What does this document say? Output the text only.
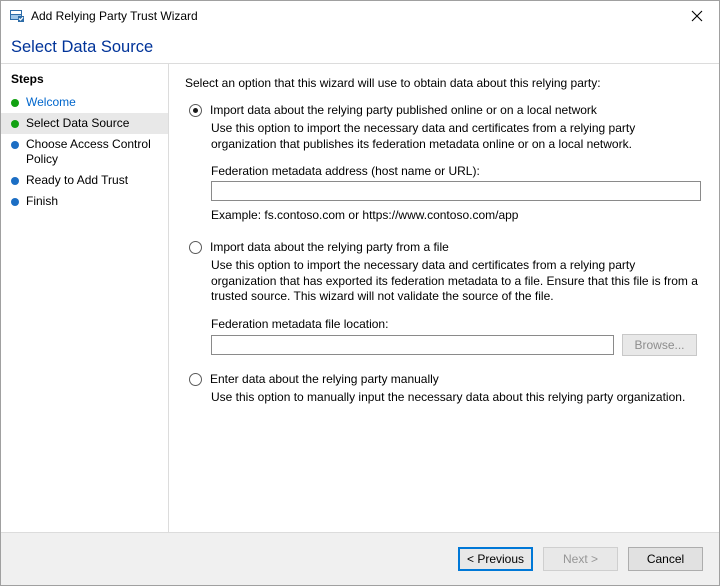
Add Relying Party Trust Wizard
Select Data Source
Steps
Welcome
Select Data Source
Choose Access Control Policy
Ready to Add Trust
Finish
Select an option that this wizard will use to obtain data about this relying party:
Import data about the relying party published online or on a local network
Use this option to import the necessary data and certificates from a relying party organization that publishes its federation metadata online or on a local network.
Federation metadata address (host name or URL):
Example: fs.contoso.com or https://www.contoso.com/app
Import data about the relying party from a file
Use this option to import the necessary data and certificates from a relying party organization that has exported its federation metadata to a file. Ensure that this file is from a trusted source. This wizard will not validate the source of the file.
Federation metadata file location:
Browse...
Enter data about the relying party manually
Use this option to manually input the necessary data about this relying party organization.
< Previous	Next >	Cancel
